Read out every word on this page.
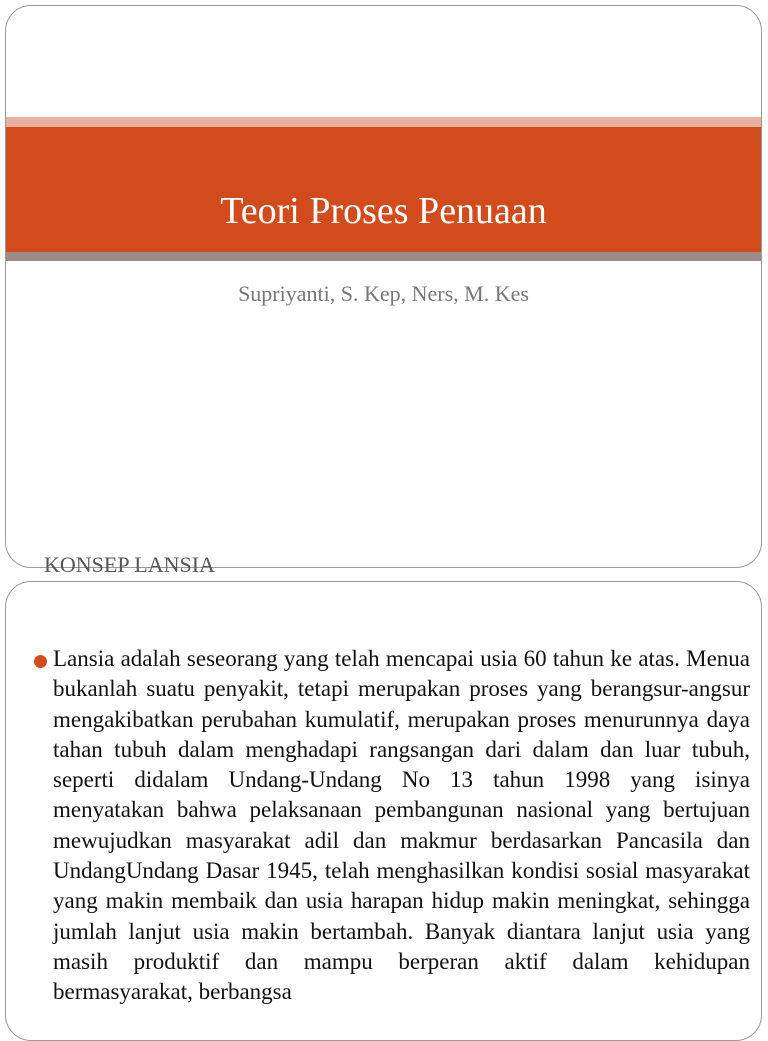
Teori Proses Penuaan
Supriyanti, S. Kep, Ners, M. Kes
KONSEP LANSIA
Lansia adalah seseorang yang telah mencapai usia 60 tahun ke atas. Menua bukanlah suatu penyakit, tetapi merupakan proses yang berangsur-angsur mengakibatkan perubahan kumulatif, merupakan proses menurunnya daya tahan tubuh dalam menghadapi rangsangan dari dalam dan luar tubuh, seperti didalam Undang-Undang No 13 tahun 1998 yang isinya menyatakan bahwa pelaksanaan pembangunan nasional yang bertujuan mewujudkan masyarakat adil dan makmur berdasarkan Pancasila dan UndangUndang Dasar 1945, telah menghasilkan kondisi sosial masyarakat yang makin membaik dan usia harapan hidup makin meningkat, sehingga jumlah lanjut usia makin bertambah. Banyak diantara lanjut usia yang masih produktif dan mampu berperan aktif dalam kehidupan bermasyarakat, berbangsa
